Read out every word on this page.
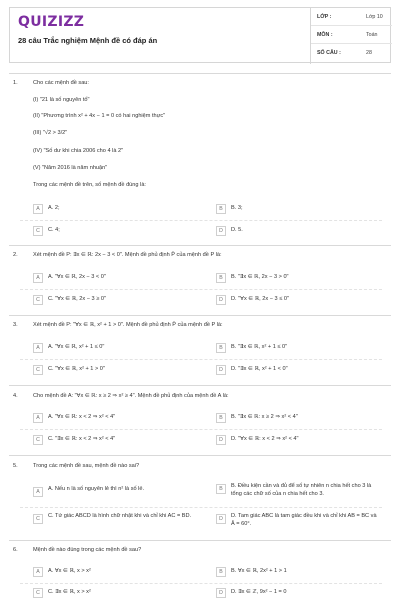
QUIZIZZ
28 câu Trắc nghiệm Mệnh đề có đáp án
LỚP :	Lớp 10
MÔN :	Toán
SỐ CÂU :	28
1.	Cho các mệnh đề sau:
(I) "21 là số nguyên tố"
(II) "Phương trình x² + 4x − 1 = 0 có hai nghiệm thực"
(III) "√2 > 3/2"
(IV) "Số dư khi chia 2006 cho 4 là 2"
(V) "Năm 2016 là năm nhuận"
Trong các mệnh đề trên, số mệnh đề đúng là:
A	A. 2;	B	B. 3;
C	C. 4;	D	D. 5.
2.	Xét mệnh đề P: ∃x ∈ ℝ: 2x − 3 < 0". Mệnh đề phủ định P̄ của mệnh đề P là:
A	A. "∀x ∈ ℝ, 2x − 3 < 0"	B	B. "∃x ∈ ℝ, 2x − 3 > 0"
C	C. "∀x ∈ ℝ, 2x − 3 ≥ 0"	D	D. "∀x ∈ ℝ, 2x − 3 ≤ 0"
3.	Xét mệnh đề P: "∀x ∈ ℝ, x² + 1 > 0". Mệnh đề phủ định P̄ của mệnh đề P là:
A	A. "∀x ∈ ℝ, x² + 1 ≤ 0"	B	B. "∃x ∈ ℝ, x² + 1 ≤ 0"
C	C. "∀x ∈ ℝ, x² + 1 > 0"	D	D. "∃x ∈ ℝ, x² + 1 < 0"
4.	Cho mệnh đề A: "∀x ∈ ℝ: x ≥ 2 ⇒ x² ≥ 4". Mệnh đề phủ định của mệnh đề A là:
A	A. "∀x ∈ ℝ: x < 2 ⇒ x² < 4"	B	B. "∃x ∈ ℝ: x ≥ 2 ⇒ x² < 4"
C	C. "∃x ∈ ℝ: x < 2 ⇒ x² < 4"	D	D. "∀x ∈ ℝ: x < 2 ⇒ x² < 4"
5.	Trong các mệnh đề sau, mệnh đề nào sai?
A	A. Nếu n là số nguyên lẻ thì n² là số lẻ.	B	B. Điều kiện cần và đủ để số tự nhiên n chia hết cho 3 là tổng các chữ số của n chia hết cho 3.
C	C. Tứ giác ABCD là hình chữ nhật khi và chỉ khi AC = BD.	D	D. Tam giác ABC là tam giác đều khi và chỉ khi AB = BC và Â = 60°.
6.	Mệnh đề nào đúng trong các mệnh đề sau?
A	A. ∀x ∈ ℝ, x > x²	B	B. ∀x ∈ ℝ, 2x² + 1 > 1
C	C. ∃x ∈ ℝ, x > x²	D	D. ∃x ∈ ℤ, 9x² − 1 = 0
